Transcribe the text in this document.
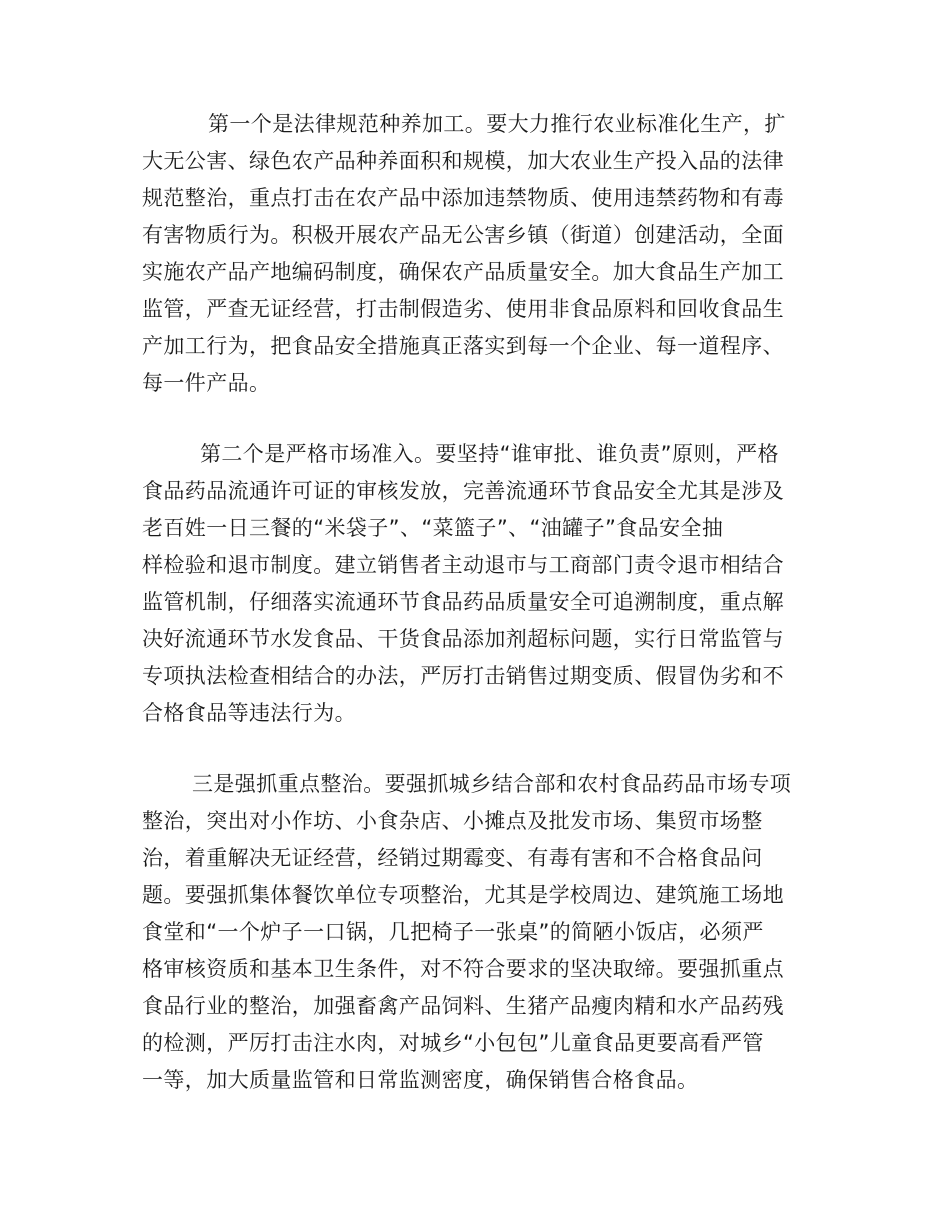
第一个是法律规范种养加工。要大力推行农业标准化生产，扩
大无公害、绿色农产品种养面积和规模，加大农业生产投入品的法律
规范整治，重点打击在农产品中添加违禁物质、使用违禁药物和有毒
有害物质行为。积极开展农产品无公害乡镇（街道）创建活动，全面
实施农产品产地编码制度，确保农产品质量安全。加大食品生产加工
监管，严查无证经营，打击制假造劣、使用非食品原料和回收食品生
产加工行为，把食品安全措施真正落实到每一个企业、每一道程序、
每一件产品。

第二个是严格市场准入。要坚持“谁审批、谁负责”原则，严格
食品药品流通许可证的审核发放，完善流通环节食品安全尤其是涉及
老百姓一日三餐的“米袋子”、“菜篮子”、“油罐子”食品安全抽
样检验和退市制度。建立销售者主动退市与工商部门责令退市相结合
监管机制，仔细落实流通环节食品药品质量安全可追溯制度，重点解
决好流通环节水发食品、干货食品添加剂超标问题，实行日常监管与
专项执法检查相结合的办法，严厉打击销售过期变质、假冒伪劣和不
合格食品等违法行为。

三是强抓重点整治。要强抓城乡结合部和农村食品药品市场专项
整治，突出对小作坊、小食杂店、小摊点及批发市场、集贸市场整
治，着重解决无证经营，经销过期霉变、有毒有害和不合格食品问
题。要强抓集体餐饮单位专项整治，尤其是学校周边、建筑施工场地
食堂和“一个炉子一口锅，几把椅子一张桌”的简陋小饭店，必须严
格审核资质和基本卫生条件，对不符合要求的坚决取缔。要强抓重点
食品行业的整治，加强畜禽产品饲料、生猪产品瘦肉精和水产品药残
的检测，严厉打击注水肉，对城乡“小包包”儿童食品更要高看严管
一等，加大质量监管和日常监测密度，确保销售合格食品。
